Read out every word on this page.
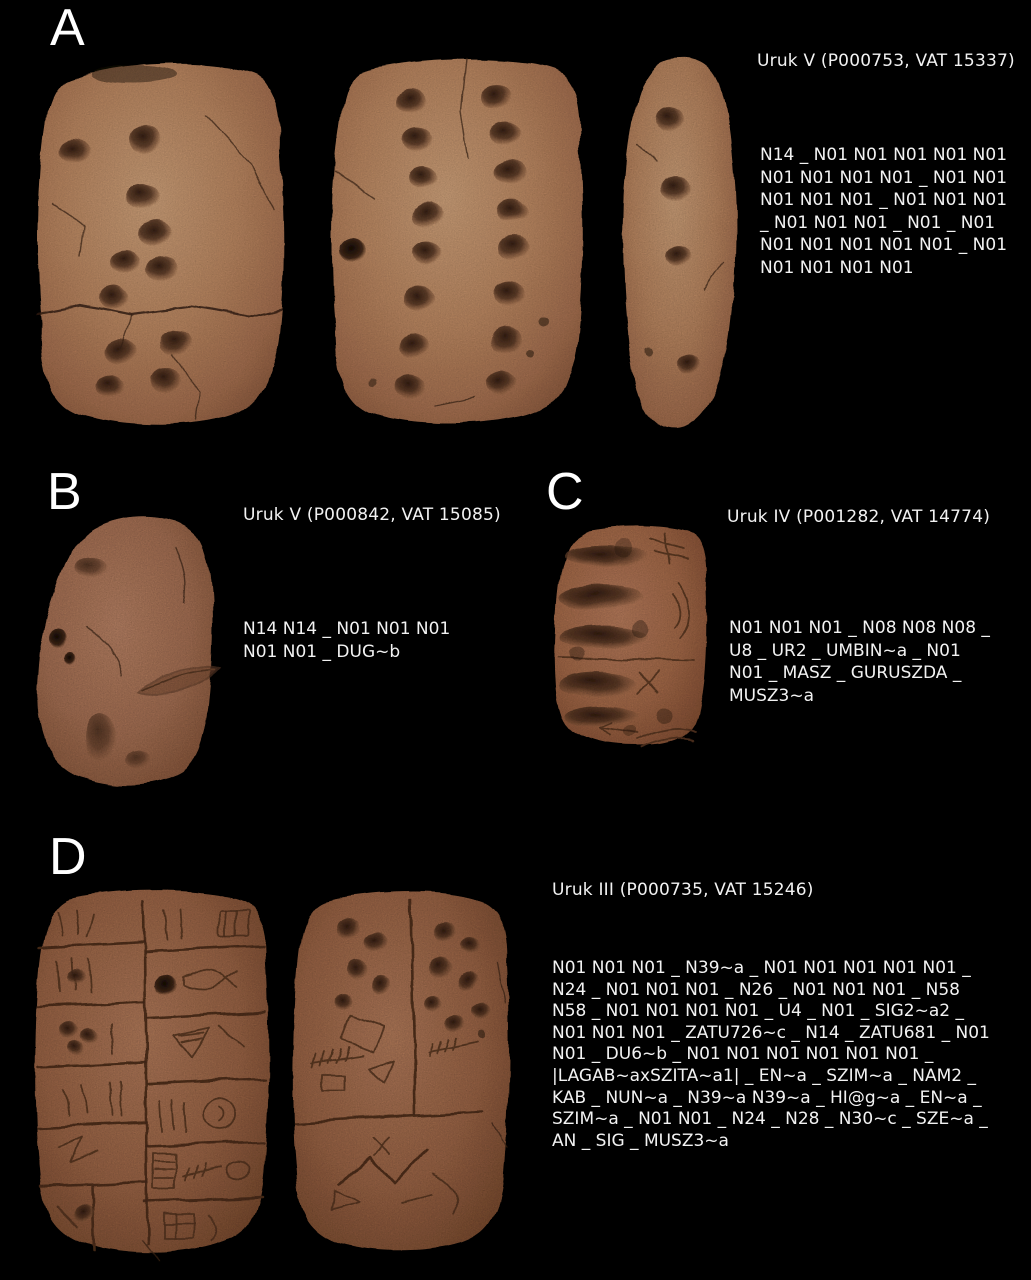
A
Uruk V (P000753, VAT 15337)
N14 _ N01 N01 N01 N01 N01
N01 N01 N01 N01 _ N01 N01
N01 N01 N01 _ N01 N01 N01
_ N01 N01 N01 _ N01 _ N01
N01 N01 N01 N01 N01 _ N01
N01 N01 N01 N01
B	Uruk V (P000842, VAT 15085)
N14 N14 _ N01 N01 N01
N01 N01 _ DUG~b
C	Uruk IV (P001282, VAT 14774)
N01 N01 N01 _ N08 N08 N08 _
U8 _ UR2 _ UMBIN~a _ N01
N01 _ MASZ _ GURUSZDA _
MUSZ3~a
D
Uruk III (P000735, VAT 15246)
N01 N01 N01 _ N39~a _ N01 N01 N01 N01 N01 _
N24 _ N01 N01 N01 _ N26 _ N01 N01 N01 _ N58
N58 _ N01 N01 N01 N01 _ U4 _ N01 _ SIG2~a2 _
N01 N01 N01 _ ZATU726~c _ N14 _ ZATU681 _ N01
N01 _ DU6~b _ N01 N01 N01 N01 N01 N01 _
|LAGAB~axSZITA~a1| _ EN~a _ SZIM~a _ NAM2 _
KAB _ NUN~a _ N39~a N39~a _ HI@g~a _ EN~a _
SZIM~a _ N01 N01 _ N24 _ N28 _ N30~c _ SZE~a _
AN _ SIG _ MUSZ3~a
